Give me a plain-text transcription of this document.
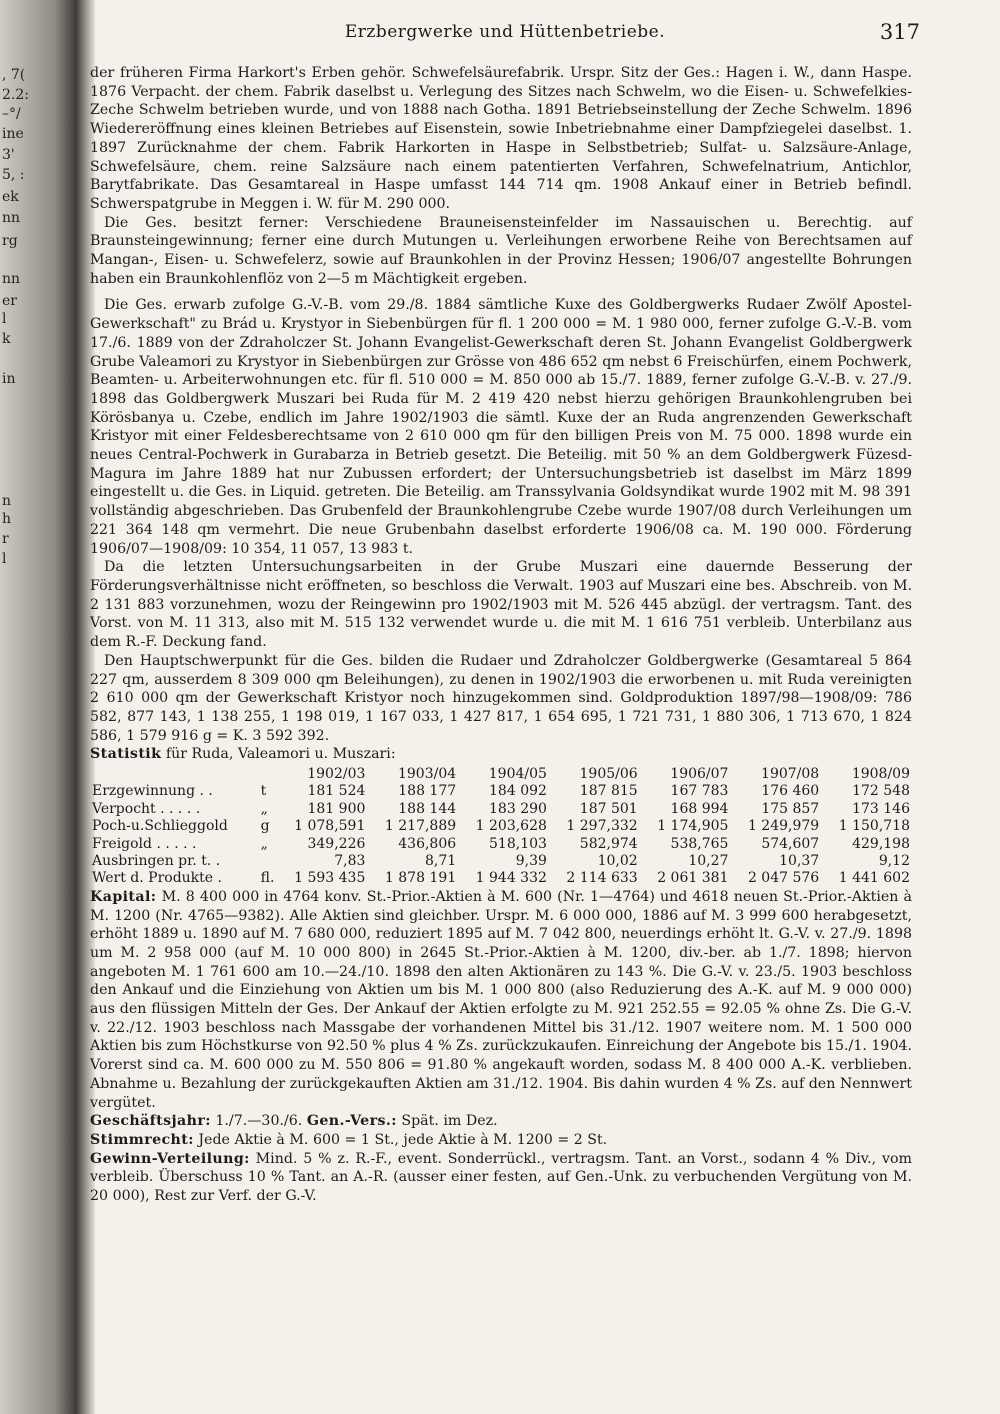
, 7(
2.2:
–°/
ine
3'
5, :
ek
nn
rg
nn
er
l
k
in
n
h
r
l
Erzbergwerke und Hüttenbetriebe.	317

der früheren Firma Harkort's Erben gehör. Schwefelsäurefabrik. Urspr. Sitz der Ges.: Hagen i. W., dann Haspe. 1876 Verpacht. der chem. Fabrik daselbst u. Verlegung des Sitzes nach Schwelm, wo die Eisen- u. Schwefelkies-Zeche Schwelm betrieben wurde, und von 1888 nach Gotha. 1891 Betriebseinstellung der Zeche Schwelm. 1896 Wiedereröffnung eines kleinen Betriebes auf Eisenstein, sowie Inbetriebnahme einer Dampfziegelei daselbst. 1. 1897 Zurücknahme der chem. Fabrik Harkorten in Haspe in Selbstbetrieb; Sulfat- u. Salzsäure-Anlage, Schwefelsäure, chem. reine Salzsäure nach einem patentierten Verfahren, Schwefelnatrium, Antichlor, Barytfabrikate. Das Gesamtareal in Haspe umfasst 144 714 qm. 1908 Ankauf einer in Betrieb befindl. Schwerspatgrube in Meggen i. W. für M. 290 000.

Die Ges. besitzt ferner: Verschiedene Brauneisensteinfelder im Nassauischen u. Berechtig. auf Braunsteingewinnung; ferner eine durch Mutungen u. Verleihungen erworbene Reihe von Berechtsamen auf Mangan-, Eisen- u. Schwefelerz, sowie auf Braunkohlen in der Provinz Hessen; 1906/07 angestellte Bohrungen haben ein Braunkohlenflöz von 2—5 m Mächtigkeit ergeben.

Die Ges. erwarb zufolge G.-V.-B. vom 29./8. 1884 sämtliche Kuxe des Goldbergwerks Rudaer Zwölf Apostel-Gewerkschaft" zu Brád u. Krystyor in Siebenbürgen für fl. 1 200 000 = M. 1 980 000, ferner zufolge G.-V.-B. vom 17./6. 1889 von der Zdraholczer St. Johann Evangelist-Gewerkschaft deren St. Johann Evangelist Goldbergwerk Grube Valeamori zu Krystyor in Siebenbürgen zur Grösse von 486 652 qm nebst 6 Freischürfen, einem Pochwerk, Beamten- u. Arbeiterwohnungen etc. für fl. 510 000 = M. 850 000 ab 15./7. 1889, ferner zufolge G.-V.-B. v. 27./9. 1898 das Goldbergwerk Muszari bei Ruda für M. 2 419 420 nebst hierzu gehörigen Braunkohlengruben bei Körösbanya u. Czebe, endlich im Jahre 1902/1903 die sämtl. Kuxe der an Ruda angrenzenden Gewerkschaft Kristyor mit einer Feldesberechtsame von 2 610 000 qm für den billigen Preis von M. 75 000. 1898 wurde ein neues Central-Pochwerk in Gurabarza in Betrieb gesetzt. Die Beteilig. mit 50 % an dem Goldbergwerk Füzesd-Magura im Jahre 1889 hat nur Zubussen erfordert; der Untersuchungsbetrieb ist daselbst im März 1899 eingestellt u. die Ges. in Liquid. getreten. Die Beteilig. am Transsylvania Goldsyndikat wurde 1902 mit M. 98 391 vollständig abgeschrieben. Das Grubenfeld der Braunkohlengrube Czebe wurde 1907/08 durch Verleihungen um 221 364 148 qm vermehrt. Die neue Grubenbahn daselbst erforderte 1906/08 ca. M. 190 000. Förderung 1906/07—1908/09: 10 354, 11 057, 13 983 t.

Da die letzten Untersuchungsarbeiten in der Grube Muszari eine dauernde Besserung der Förderungsverhältnisse nicht eröffneten, so beschloss die Verwalt. 1903 auf Muszari eine bes. Abschreib. von M. 2 131 883 vorzunehmen, wozu der Reingewinn pro 1902/1903 mit M. 526 445 abzügl. der vertragsm. Tant. des Vorst. von M. 11 313, also mit M. 515 132 verwendet wurde u. die mit M. 1 616 751 verbleib. Unterbilanz aus dem R.-F. Deckung fand.

Den Hauptschwerpunkt für die Ges. bilden die Rudaer und Zdraholczer Goldbergwerke (Gesamtareal 5 864 227 qm, ausserdem 8 309 000 qm Beleihungen), zu denen in 1902/1903 die erworbenen u. mit Ruda vereinigten 2 610 000 qm der Gewerkschaft Kristyor noch hinzugekommen sind. Goldproduktion 1897/98—1908/09: 786 582, 877 143, 1 138 255, 1 198 019, 1 167 033, 1 427 817, 1 654 695, 1 721 731, 1 880 306, 1 713 670, 1 824 586, 1 579 916 g = K. 3 592 392.

Statistik für Ruda, Valeamori u. Muszari:

		1902/03	1903/04	1904/05	1905/06	1906/07	1907/08	1908/09
Erzgewinnung . .	t	181 524	188 177	184 092	187 815	167 783	176 460	172 548
Verpocht . . . . .	„	181 900	188 144	183 290	187 501	168 994	175 857	173 146
Poch-u.Schlieggold	g	1 078,591	1 217,889	1 203,628	1 297,332	1 174,905	1 249,979	1 150,718
Freigold . . . . .	„	349,226	436,806	518,103	582,974	538,765	574,607	429,198
Ausbringen pr. t. .		7,83	8,71	9,39	10,02	10,27	10,37	9,12
Wert d. Produkte .	fl.	1 593 435	1 878 191	1 944 332	2 114 633	2 061 381	2 047 576	1 441 602

Kapital: M. 8 400 000 in 4764 konv. St.-Prior.-Aktien à M. 600 (Nr. 1—4764) und 4618 neuen St.-Prior.-Aktien à M. 1200 (Nr. 4765—9382). Alle Aktien sind gleichber. Urspr. M. 6 000 000, 1886 auf M. 3 999 600 herabgesetzt, erhöht 1889 u. 1890 auf M. 7 680 000, reduziert 1895 auf M. 7 042 800, neuerdings erhöht lt. G.-V. v. 27./9. 1898 um M. 2 958 000 (auf M. 10 000 800) in 2645 St.-Prior.-Aktien à M. 1200, div.-ber. ab 1./7. 1898; hiervon angeboten M. 1 761 600 am 10.—24./10. 1898 den alten Aktionären zu 143 %. Die G.-V. v. 23./5. 1903 beschloss den Ankauf und die Einziehung von Aktien um bis M. 1 000 800 (also Reduzierung des A.-K. auf M. 9 000 000) aus den flüssigen Mitteln der Ges. Der Ankauf der Aktien erfolgte zu M. 921 252.55 = 92.05 % ohne Zs. Die G.-V. v. 22./12. 1903 beschloss nach Massgabe der vorhandenen Mittel bis 31./12. 1907 weitere nom. M. 1 500 000 Aktien bis zum Höchstkurse von 92.50 % plus 4 % Zs. zurückzukaufen. Einreichung der Angebote bis 15./1. 1904. Vorerst sind ca. M. 600 000 zu M. 550 806 = 91.80 % angekauft worden, sodass M. 8 400 000 A.-K. verblieben. Abnahme u. Bezahlung der zurückgekauften Aktien am 31./12. 1904. Bis dahin wurden 4 % Zs. auf den Nennwert vergütet.

Geschäftsjahr: 1./7.—30./6. Gen.-Vers.: Spät. im Dez.

Stimmrecht: Jede Aktie à M. 600 = 1 St., jede Aktie à M. 1200 = 2 St.

Gewinn-Verteilung: Mind. 5 % z. R.-F., event. Sonderrückl., vertragsm. Tant. an Vorst., sodann 4 % Div., vom verbleib. Überschuss 10 % Tant. an A.-R. (ausser einer festen, auf Gen.-Unk. zu verbuchenden Vergütung von M. 20 000), Rest zur Verf. der G.-V.
